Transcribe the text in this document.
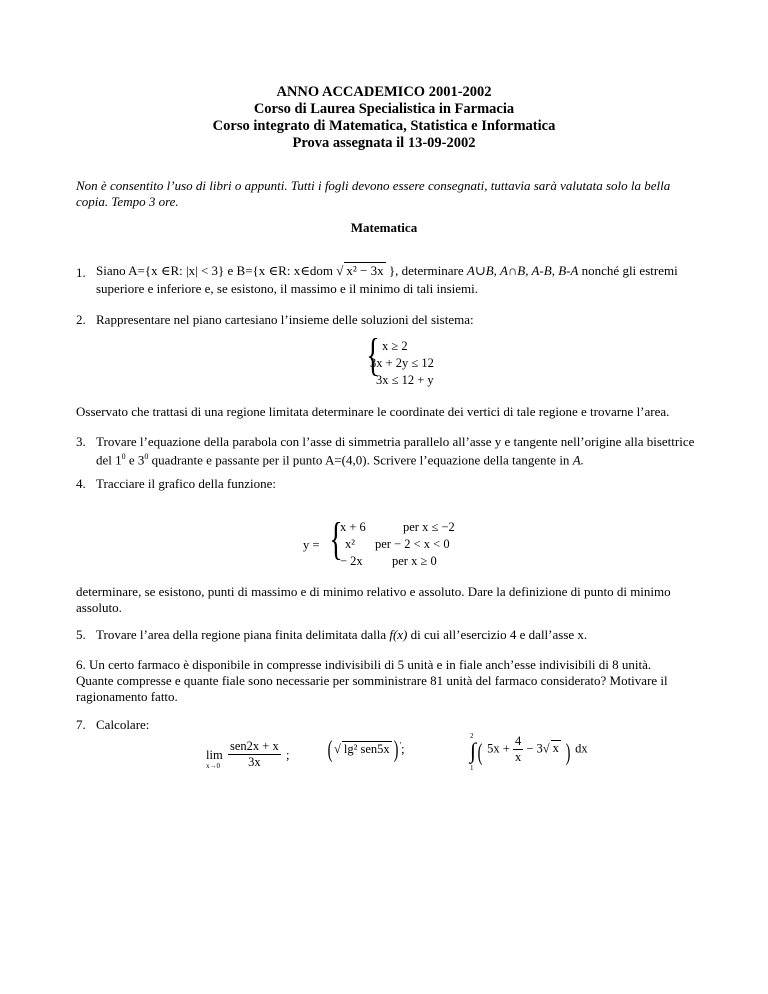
ANNO ACCADEMICO 2001-2002
Corso di Laurea Specialistica in Farmacia
Corso integrato di Matematica, Statistica e Informatica
Prova assegnata il 13-09-2002
Non è consentito l’uso di libri o appunti. Tutti i fogli devono essere consegnati, tuttavia sarà valutata solo la bella
copia. Tempo 3 ore.
Matematica
1. Siano A={x ∈R: |x| < 3} e B={x ∈R: x∈dom √ x² − 3x }, determinare A∪B, A∩B, A-B, B-A nonché gli estremi
superiore e inferiore e, se esistono, il massimo e il minimo di tali insiemi.
2. Rappresentare nel piano cartesiano l’insieme delle soluzioni del sistema:
{ x ≥ 2
3x + 2y ≤ 12
3x ≤ 12 + y
Osservato che trattasi di una regione limitata determinare le coordinate dei vertici di tale regione e trovarne l’area.
3. Trovare l’equazione della parabola con l’asse di simmetria parallelo all’asse y e tangente nell’origine alla bisettrice
del $1^0$ e $3^0$ quadrante e passante per il punto A=(4,0). Scrivere l’equazione della tangente in A.
4. Tracciare il grafico della funzione:
y = {
x + 6	per x ≤ −2
x² per − 2 < x < 0
− 2x per x ≥ 0
determinare, se esistono, punti di massimo e di minimo relativo e assoluto. Dare la definizione di punto di minimo
assoluto.
5. Trovare l’area della regione piana finita delimitata dalla f(x) di cui all’esercizio 4 e dall’asse x.
6. Un certo farmaco è disponibile in compresse indivisibili di 5 unità e in fiale anch’esse indivisibili di 8 unità.
Quante compresse e quante fiale sono necessarie per somministrare 81 unità del farmaco considerato? Motivare il
ragionamento fatto.
7. Calcolare:
lim
x→0
sen2x + x
3x	; ( √ lg² sen5x ) ';
2
∫
1
( $5x + \frac{4}{x} - 3√$ x ) dx
